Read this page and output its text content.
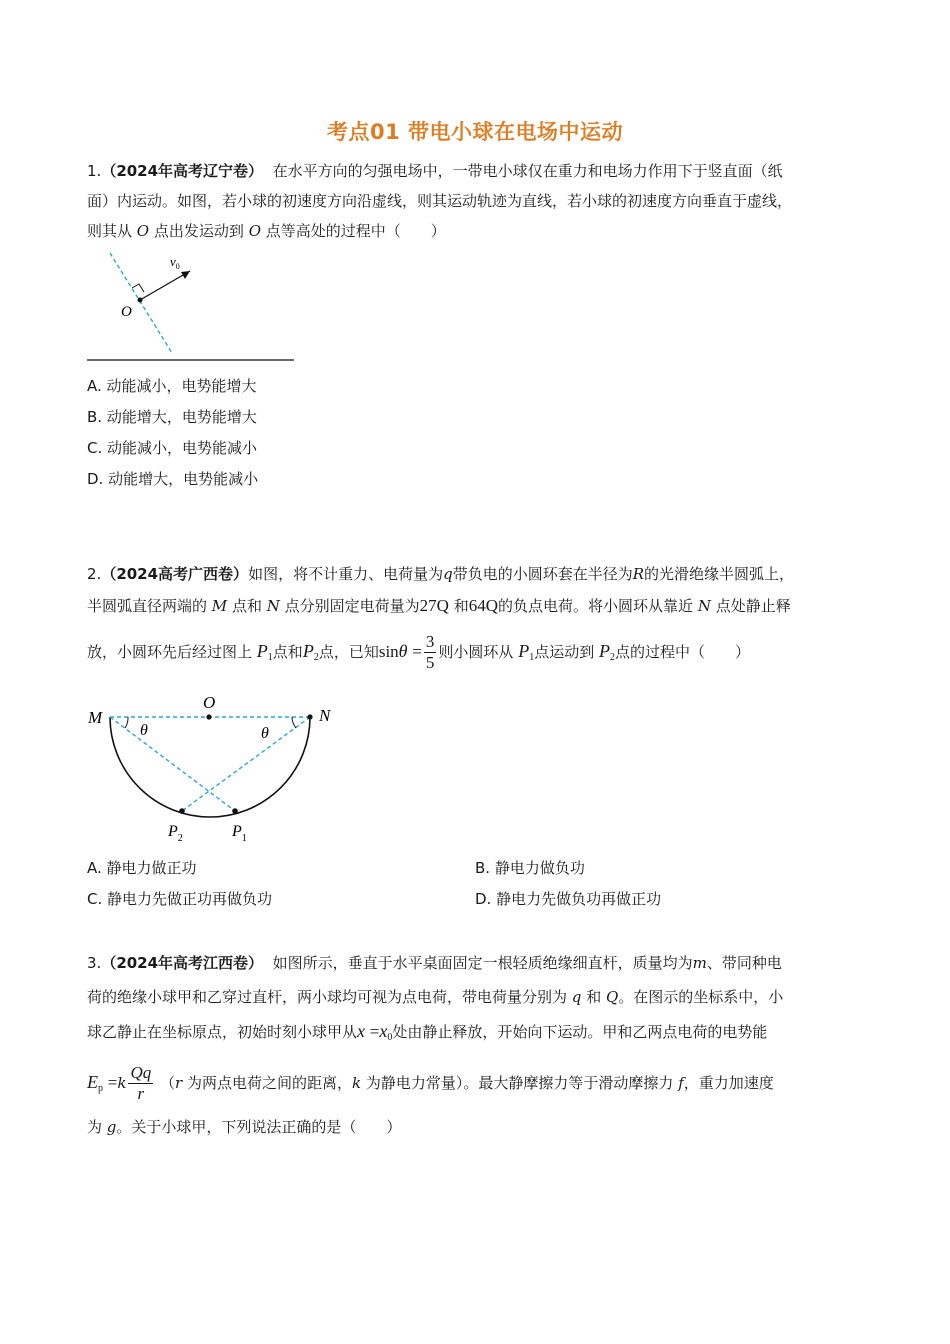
考点01 带电小球在电场中运动

1.（2024年高考辽宁卷） 在水平方向的匀强电场中，一带电小球仅在重力和电场力作用下于竖直面（纸

面）内运动。如图，若小球的初速度方向沿虚线，则其运动轨迹为直线，若小球的初速度方向垂直于虚线，

则其从 O 点出发运动到 O 点等高处的过程中（　　）

$v_0$
O
A. 动能减小，电势能增大
B. 动能增大，电势能增大
C. 动能减小，电势能减小
D. 动能增大，电势能减小

2.（2024高考广西卷）如图，将不计重力、电荷量为q带负电的小圆环套在半径为R的光滑绝缘半圆弧上，

半圆弧直径两端的 M 点和 N 点分别固定电荷量为27Q 和64Q的负点电荷。将小圆环从靠近 N 点处静止释

放，小圆环先后经过图上 $P_1$点和$P_2$点，已知$\sin\theta = \frac{3}{5}$ 则小圆环从 $P_1$点运动到 $P_2$点的过程中（　　）

M
O
N
θ	θ
$P_2$	$P_1$
A. 静电力做正功	B. 静电力做负功
C. 静电力先做正功再做负功	D. 静电力先做负功再做正功

3.（2024年高考江西卷） 如图所示，垂直于水平桌面固定一根轻质绝缘细直杆，质量均为m、带同种电

荷的绝缘小球甲和乙穿过直杆，两小球均可视为点电荷，带电荷量分别为 q 和 Q。在图示的坐标系中，小

球乙静止在坐标原点，初始时刻小球甲从$x =x_0$处由静止释放，开始向下运动。甲和乙两点电荷的电势能

$E_p =k \frac{Qq}{r} (r$ 为两点电荷之间的距离，k 为静电力常量）。最大静摩擦力等于滑动摩擦力 f，重力加速度

为 g。关于小球甲，下列说法正确的是（　　）
